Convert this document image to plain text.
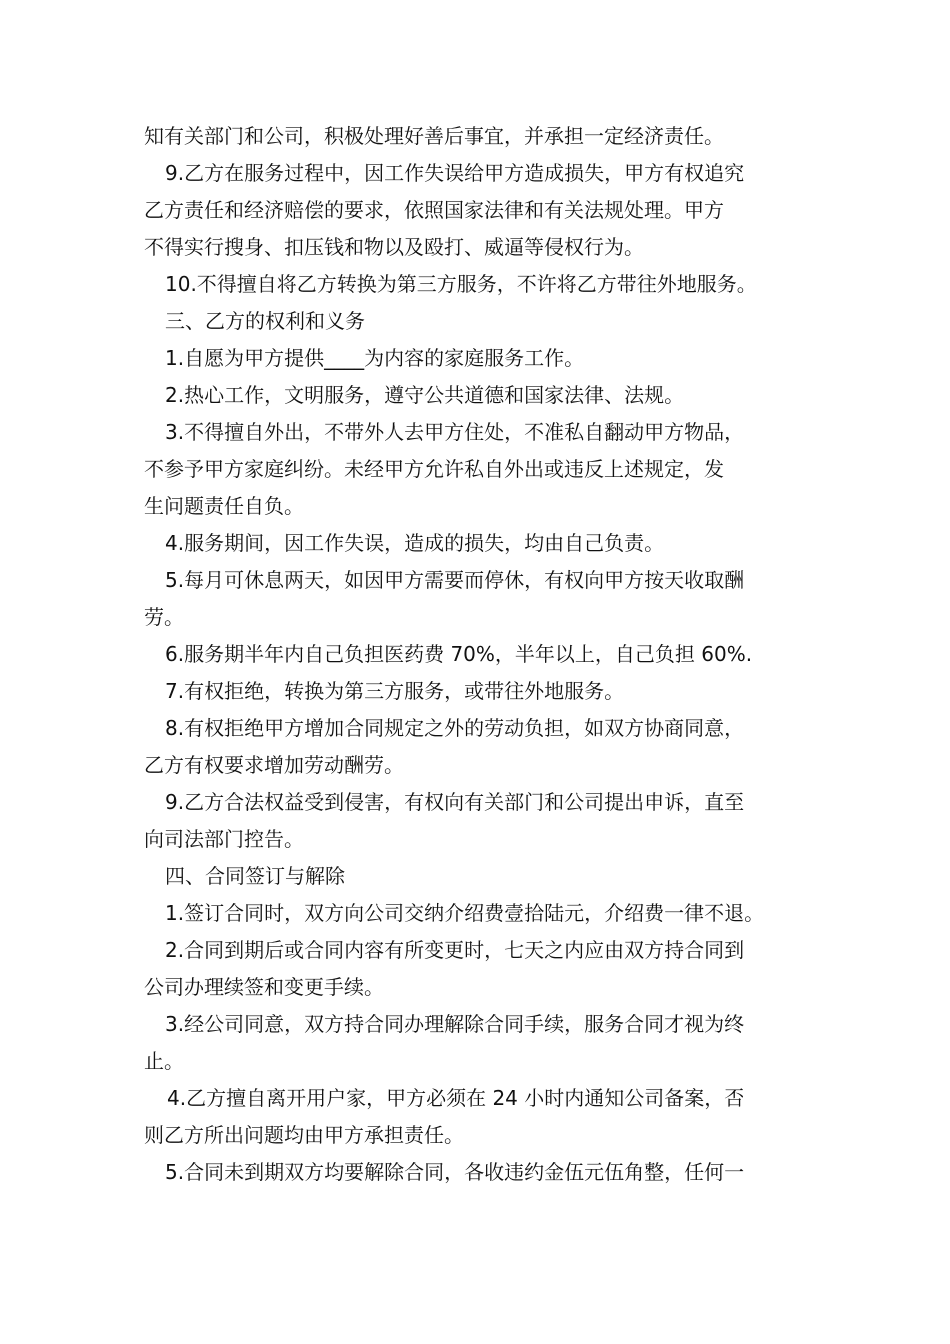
知有关部门和公司，积极处理好善后事宜，并承担一定经济责任。
9.乙方在服务过程中，因工作失误给甲方造成损失，甲方有权追究
乙方责任和经济赔偿的要求，依照国家法律和有关法规处理。甲方
不得实行搜身、扣压钱和物以及殴打、威逼等侵权行为。
10.不得擅自将乙方转换为第三方服务，不许将乙方带往外地服务。
三、乙方的权利和义务
1.自愿为甲方提供____为内容的家庭服务工作。
2.热心工作，文明服务，遵守公共道德和国家法律、法规。
3.不得擅自外出，不带外人去甲方住处，不准私自翻动甲方物品，
不参予甲方家庭纠纷。未经甲方允许私自外出或违反上述规定，发
生问题责任自负。
4.服务期间，因工作失误，造成的损失，均由自己负责。
5.每月可休息两天，如因甲方需要而停休，有权向甲方按天收取酬
劳。
6.服务期半年内自己负担医药费 70%，半年以上，自己负担 60%.
7.有权拒绝，转换为第三方服务，或带往外地服务。
8.有权拒绝甲方增加合同规定之外的劳动负担，如双方协商同意，
乙方有权要求增加劳动酬劳。
9.乙方合法权益受到侵害，有权向有关部门和公司提出申诉，直至
向司法部门控告。
四、合同签订与解除
1.签订合同时，双方向公司交纳介绍费壹拾陆元，介绍费一律不退。
2.合同到期后或合同内容有所变更时，七天之内应由双方持合同到
公司办理续签和变更手续。
3.经公司同意，双方持合同办理解除合同手续，服务合同才视为终
止。
4.乙方擅自离开用户家，甲方必须在 24 小时内通知公司备案，否
则乙方所出问题均由甲方承担责任。
5.合同未到期双方均要解除合同，各收违约金伍元伍角整，任何一
